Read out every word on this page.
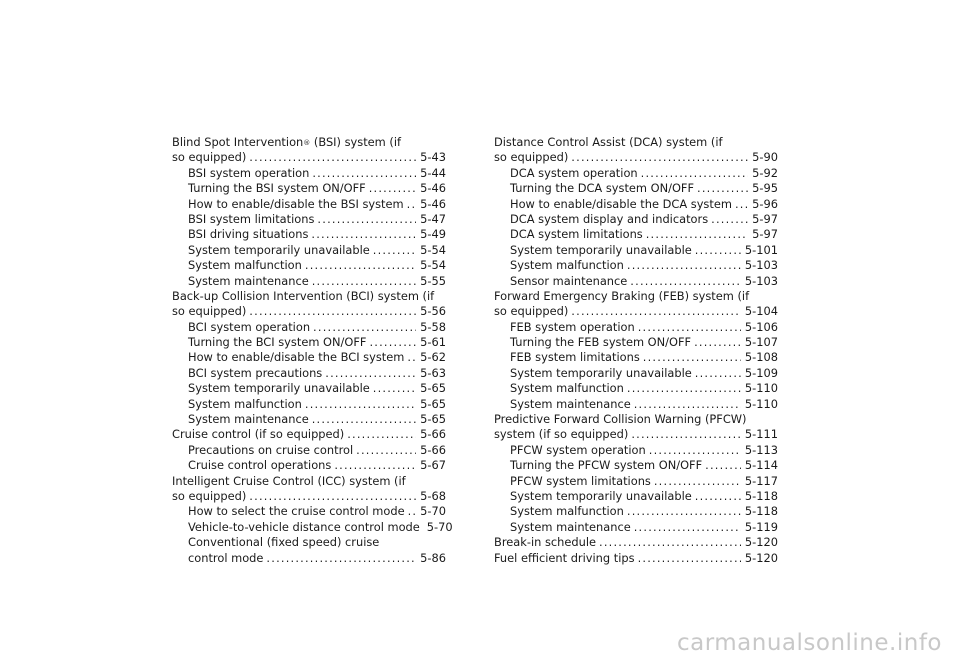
Blind Spot Intervention® (BSI) system (if
so equipped) .....	5-43
BSI system operation .....	5-44
Turning the BSI system ON/OFF .....	5-46
How to enable/disable the BSI system ..... 5-46
BSI system limitations .....	5-47
BSI driving situations .....	5-49
System temporarily unavailable .....	5-54
System malfunction .....	5-54
System maintenance .....	5-55
Back-up Collision Intervention (BCI) system (if
so equipped) .....	5-56
BCI system operation .....	5-58
Turning the BCI system ON/OFF .....	5-61
How to enable/disable the BCI system ..... 5-62
BCI system precautions .....	5-63
System temporarily unavailable .....	5-65
System malfunction .....	5-65
System maintenance .....	5-65
Cruise control (if so equipped) .....	5-66
Precautions on cruise control .....	5-66
Cruise control operations .....	5-67
Intelligent Cruise Control (ICC) system (if
so equipped) .....	5-68
How to select the cruise control mode ..... 5-70
Vehicle-to-vehicle distance control mode 5-70
Conventional (fixed speed) cruise
control mode .....	5-86
Distance Control Assist (DCA) system (if
so equipped) .....	5-90
DCA system operation .....	5-92
Turning the DCA system ON/OFF .....	5-95
How to enable/disable the DCA system ..... 5-96
DCA system display and indicators .....	5-97
DCA system limitations .....	5-97
System temporarily unavailable .....	5-101
System malfunction .....	5-103
Sensor maintenance .....	5-103
Forward Emergency Braking (FEB) system (if
so equipped) .....	5-104
FEB system operation .....	5-106
Turning the FEB system ON/OFF .....	5-107
FEB system limitations .....	5-108
System temporarily unavailable .....	5-109
System malfunction .....	5-110
System maintenance .....	5-110
Predictive Forward Collision Warning (PFCW)
system (if so equipped) .....	5-111
PFCW system operation .....	5-113
Turning the PFCW system ON/OFF .....	5-114
PFCW system limitations .....	5-117
System temporarily unavailable .....	5-118
System malfunction .....	5-118
System maintenance .....	5-119
Break-in schedule .....	5-120
Fuel efficient driving tips .....	5-120
carmanualsonline.info
